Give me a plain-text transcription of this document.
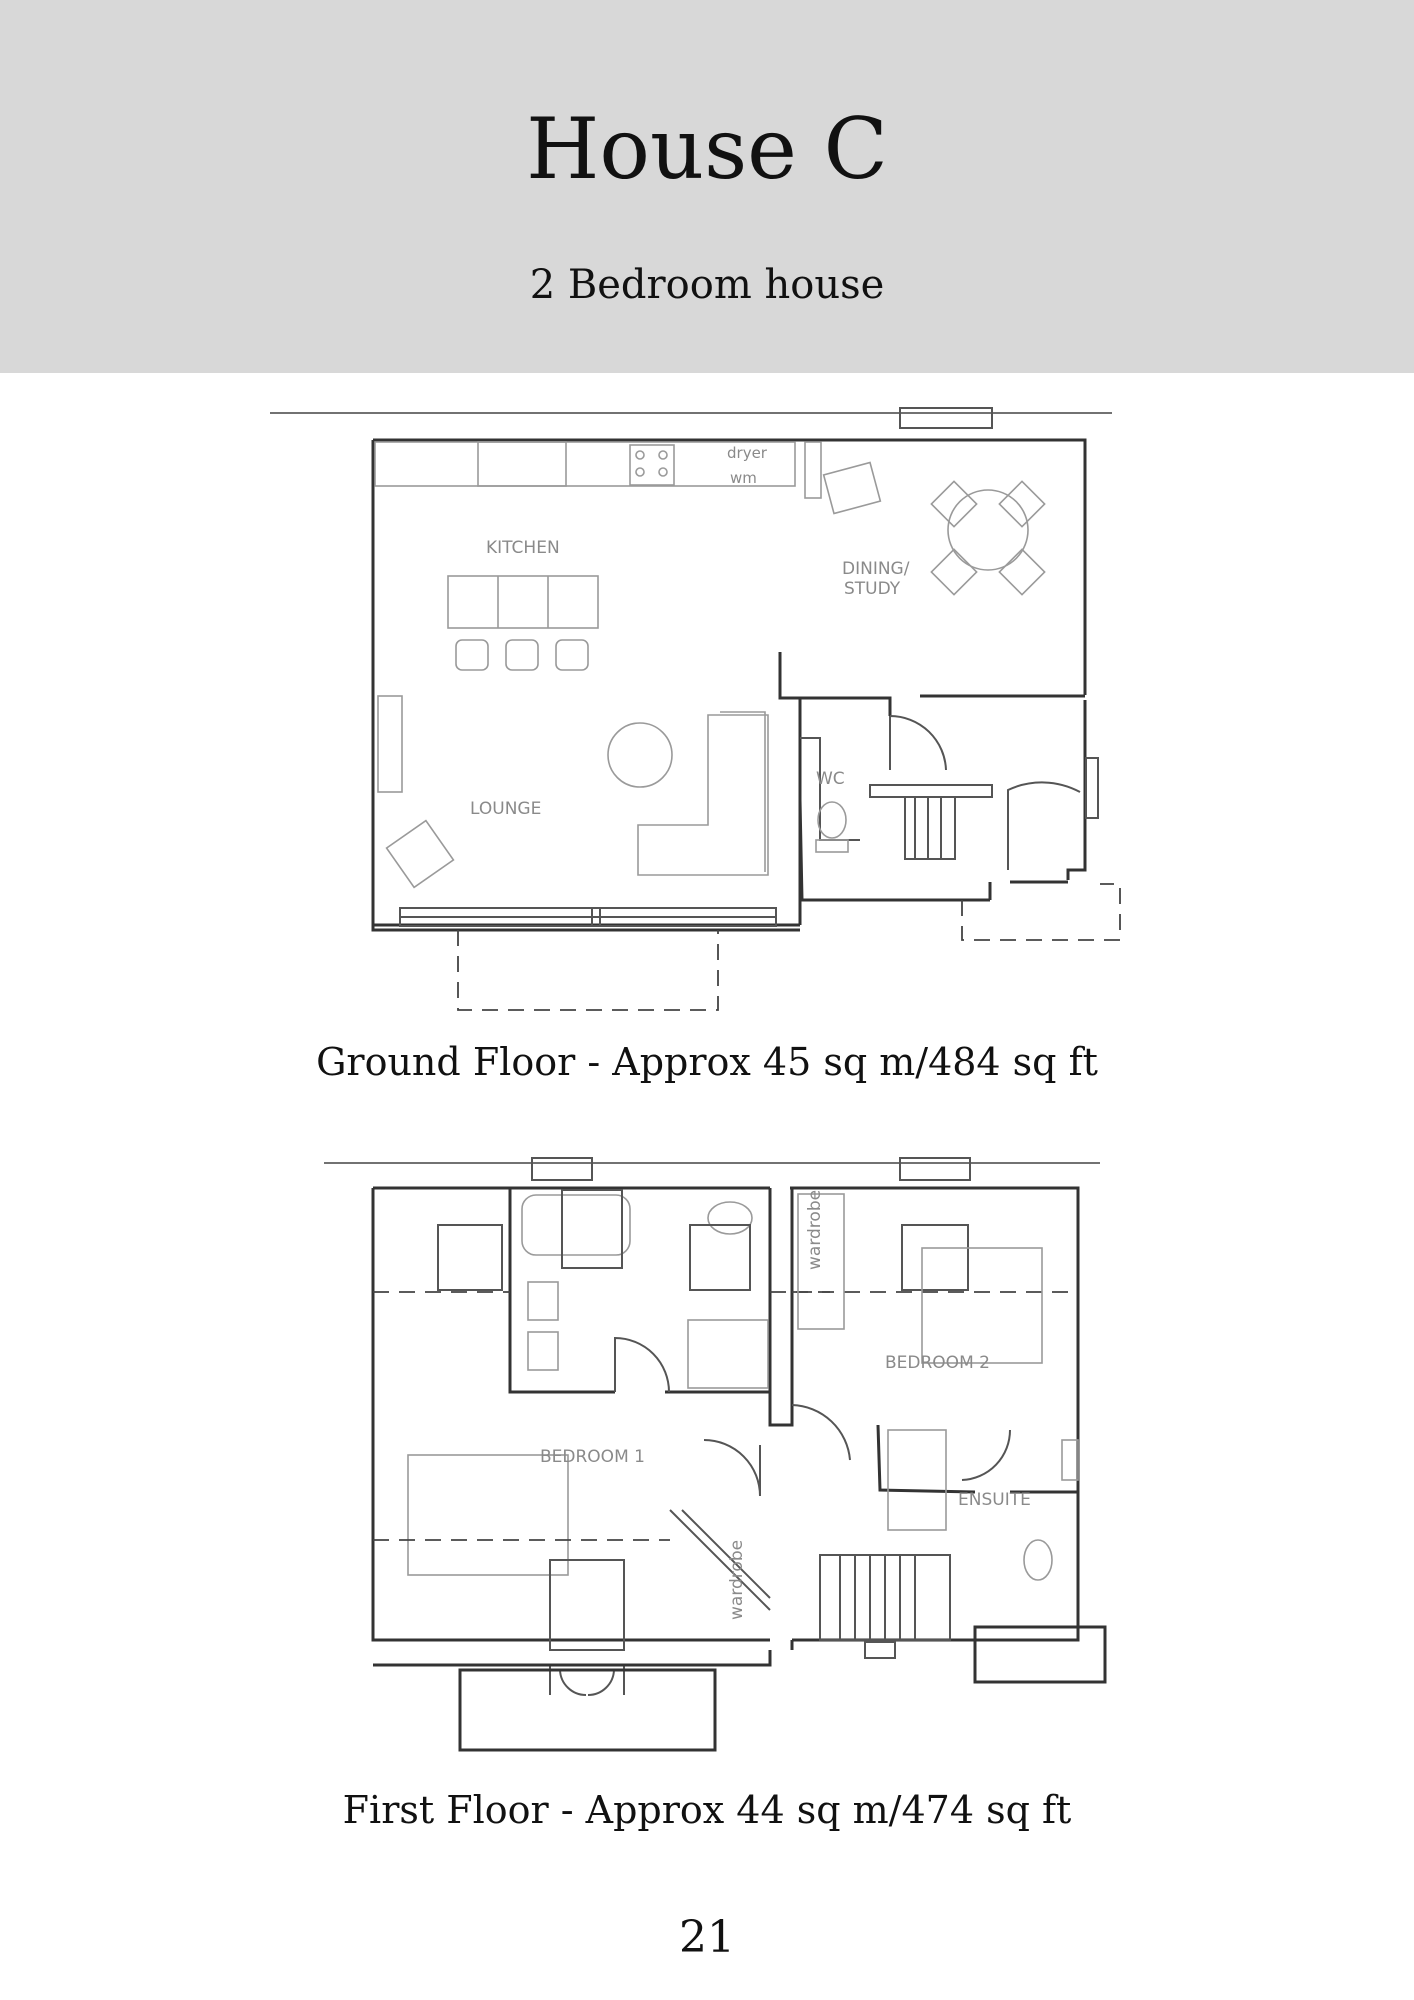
House C
2 Bedroom house
KITCHEN
DINING/
STUDY
LOUNGE
WC
dryer
wm
Ground Floor - Approx 45 sq m/484 sq ft
wardrobe
wardrobe
BEDROOM 1
BEDROOM 2
ENSUITE
First Floor - Approx 44 sq m/474 sq ft
21
